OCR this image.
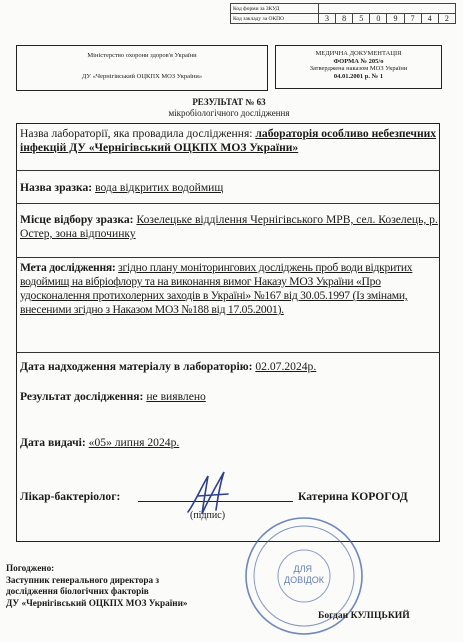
Код форми за ЗКУД								
Код закладу за ОКПО	3	8	5	0	9	7	4	2
Міністерство охорони здоров'я України
ДУ «Чернігівський ОЦКПХ МОЗ України»
МЕДИЧНА ДОКУМЕНТАЦІЯ
ФОРМА № 205/о
Затверджена наказом МОЗ України
04.01.2001 р. № 1
РЕЗУЛЬТАТ № 63
мікробіологічного дослідження
Назва лабораторії, яка провадила дослідження: лабораторія особливо небезпечних інфекцій ДУ «Чернігівський ОЦКПХ МОЗ України»
Назва зразка: вода відкритих водоймищ
Місце відбору зразка: Козелецьке відділення Чернігівського МРВ, сел. Козелець, р. Остер, зона відпочинку
Мета дослідження: згідно плану моніторингових досліджень проб води відкритих водоймищ на вібріофлору та на виконання вимог Наказу МОЗ України «Про удосконалення протихолерних заходів в Україні» №167 від 30.05.1997 (Із змінами, внесеними згідно з Наказом МОЗ №188 від 17.05.2001).
Дата надходження матеріалу в лабораторію: 02.07.2024р.
Результат дослідження: не виявлено
Дата видачі: «05» липня 2024р.
Лікар-бактеріолог:	Катерина КОРОГОД
(підпис)
ДЛЯ ДОВІДОК
Погоджено:
Заступник генерального директора з
дослідження біологічних факторів
ДУ «Чернігівський ОЦКПХ МОЗ України»
Богдан КУЛІЦЬКИЙ
